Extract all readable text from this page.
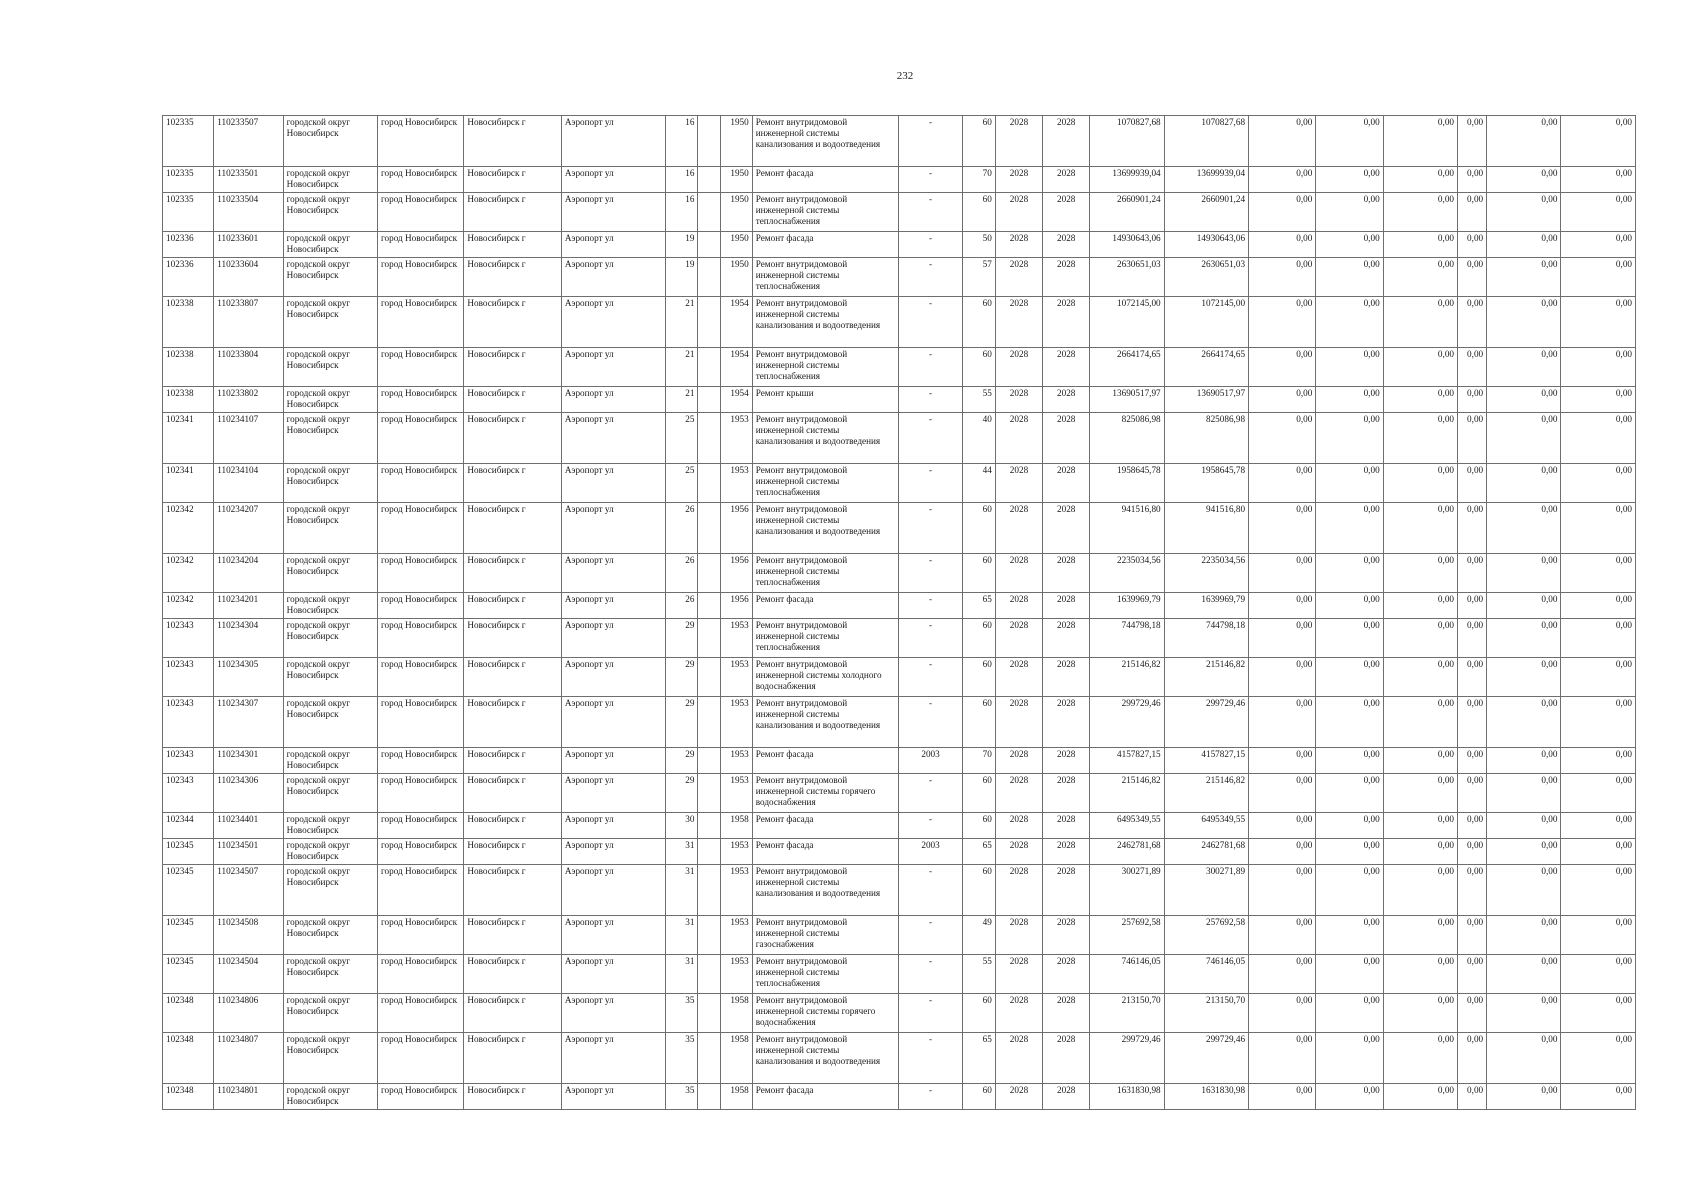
232
102335	110233507	городской округ Новосибирск	город Новосибирск	Новосибирск г	Аэропорт ул	16		1950	Ремонт внутридомовой инженерной системы канализования и водоотведения	-	60	2028	2028	1070827,68	1070827,68	0,00	0,00	0,00	0,00	0,00	0,00
102335	110233501	городской округ Новосибирск	город Новосибирск	Новосибирск г	Аэропорт ул	16		1950	Ремонт фасада	-	70	2028	2028	13699939,04	13699939,04	0,00	0,00	0,00	0,00	0,00	0,00
102335	110233504	городской округ Новосибирск	город Новосибирск	Новосибирск г	Аэропорт ул	16		1950	Ремонт внутридомовой инженерной системы теплоснабжения	-	60	2028	2028	2660901,24	2660901,24	0,00	0,00	0,00	0,00	0,00	0,00
102336	110233601	городской округ Новосибирск	город Новосибирск	Новосибирск г	Аэропорт ул	19		1950	Ремонт фасада	-	50	2028	2028	14930643,06	14930643,06	0,00	0,00	0,00	0,00	0,00	0,00
102336	110233604	городской округ Новосибирск	город Новосибирск	Новосибирск г	Аэропорт ул	19		1950	Ремонт внутридомовой инженерной системы теплоснабжения	-	57	2028	2028	2630651,03	2630651,03	0,00	0,00	0,00	0,00	0,00	0,00
102338	110233807	городской округ Новосибирск	город Новосибирск	Новосибирск г	Аэропорт ул	21		1954	Ремонт внутридомовой инженерной системы канализования и водоотведения	-	60	2028	2028	1072145,00	1072145,00	0,00	0,00	0,00	0,00	0,00	0,00
102338	110233804	городской округ Новосибирск	город Новосибирск	Новосибирск г	Аэропорт ул	21		1954	Ремонт внутридомовой инженерной системы теплоснабжения	-	60	2028	2028	2664174,65	2664174,65	0,00	0,00	0,00	0,00	0,00	0,00
102338	110233802	городской округ Новосибирск	город Новосибирск	Новосибирск г	Аэропорт ул	21		1954	Ремонт крыши	-	55	2028	2028	13690517,97	13690517,97	0,00	0,00	0,00	0,00	0,00	0,00
102341	110234107	городской округ Новосибирск	город Новосибирск	Новосибирск г	Аэропорт ул	25		1953	Ремонт внутридомовой инженерной системы канализования и водоотведения	-	40	2028	2028	825086,98	825086,98	0,00	0,00	0,00	0,00	0,00	0,00
102341	110234104	городской округ Новосибирск	город Новосибирск	Новосибирск г	Аэропорт ул	25		1953	Ремонт внутридомовой инженерной системы теплоснабжения	-	44	2028	2028	1958645,78	1958645,78	0,00	0,00	0,00	0,00	0,00	0,00
102342	110234207	городской округ Новосибирск	город Новосибирск	Новосибирск г	Аэропорт ул	26		1956	Ремонт внутридомовой инженерной системы канализования и водоотведения	-	60	2028	2028	941516,80	941516,80	0,00	0,00	0,00	0,00	0,00	0,00
102342	110234204	городской округ Новосибирск	город Новосибирск	Новосибирск г	Аэропорт ул	26		1956	Ремонт внутридомовой инженерной системы теплоснабжения	-	60	2028	2028	2235034,56	2235034,56	0,00	0,00	0,00	0,00	0,00	0,00
102342	110234201	городской округ Новосибирск	город Новосибирск	Новосибирск г	Аэропорт ул	26		1956	Ремонт фасада	-	65	2028	2028	1639969,79	1639969,79	0,00	0,00	0,00	0,00	0,00	0,00
102343	110234304	городской округ Новосибирск	город Новосибирск	Новосибирск г	Аэропорт ул	29		1953	Ремонт внутридомовой инженерной системы теплоснабжения	-	60	2028	2028	744798,18	744798,18	0,00	0,00	0,00	0,00	0,00	0,00
102343	110234305	городской округ Новосибирск	город Новосибирск	Новосибирск г	Аэропорт ул	29		1953	Ремонт внутридомовой инженерной системы холодного водоснабжения	-	60	2028	2028	215146,82	215146,82	0,00	0,00	0,00	0,00	0,00	0,00
102343	110234307	городской округ Новосибирск	город Новосибирск	Новосибирск г	Аэропорт ул	29		1953	Ремонт внутридомовой инженерной системы канализования и водоотведения	-	60	2028	2028	299729,46	299729,46	0,00	0,00	0,00	0,00	0,00	0,00
102343	110234301	городской округ Новосибирск	город Новосибирск	Новосибирск г	Аэропорт ул	29		1953	Ремонт фасада	2003	70	2028	2028	4157827,15	4157827,15	0,00	0,00	0,00	0,00	0,00	0,00
102343	110234306	городской округ Новосибирск	город Новосибирск	Новосибирск г	Аэропорт ул	29		1953	Ремонт внутридомовой инженерной системы горячего водоснабжения	-	60	2028	2028	215146,82	215146,82	0,00	0,00	0,00	0,00	0,00	0,00
102344	110234401	городской округ Новосибирск	город Новосибирск	Новосибирск г	Аэропорт ул	30		1958	Ремонт фасада	-	60	2028	2028	6495349,55	6495349,55	0,00	0,00	0,00	0,00	0,00	0,00
102345	110234501	городской округ Новосибирск	город Новосибирск	Новосибирск г	Аэропорт ул	31		1953	Ремонт фасада	2003	65	2028	2028	2462781,68	2462781,68	0,00	0,00	0,00	0,00	0,00	0,00
102345	110234507	городской округ Новосибирск	город Новосибирск	Новосибирск г	Аэропорт ул	31		1953	Ремонт внутридомовой инженерной системы канализования и водоотведения	-	60	2028	2028	300271,89	300271,89	0,00	0,00	0,00	0,00	0,00	0,00
102345	110234508	городской округ Новосибирск	город Новосибирск	Новосибирск г	Аэропорт ул	31		1953	Ремонт внутридомовой инженерной системы газоснабжения	-	49	2028	2028	257692,58	257692,58	0,00	0,00	0,00	0,00	0,00	0,00
102345	110234504	городской округ Новосибирск	город Новосибирск	Новосибирск г	Аэропорт ул	31		1953	Ремонт внутридомовой инженерной системы теплоснабжения	-	55	2028	2028	746146,05	746146,05	0,00	0,00	0,00	0,00	0,00	0,00
102348	110234806	городской округ Новосибирск	город Новосибирск	Новосибирск г	Аэропорт ул	35		1958	Ремонт внутридомовой инженерной системы горячего водоснабжения	-	60	2028	2028	213150,70	213150,70	0,00	0,00	0,00	0,00	0,00	0,00
102348	110234807	городской округ Новосибирск	город Новосибирск	Новосибирск г	Аэропорт ул	35		1958	Ремонт внутридомовой инженерной системы канализования и водоотведения	-	65	2028	2028	299729,46	299729,46	0,00	0,00	0,00	0,00	0,00	0,00
102348	110234801	городской округ Новосибирск	город Новосибирск	Новосибирск г	Аэропорт ул	35		1958	Ремонт фасада	-	60	2028	2028	1631830,98	1631830,98	0,00	0,00	0,00	0,00	0,00	0,00
